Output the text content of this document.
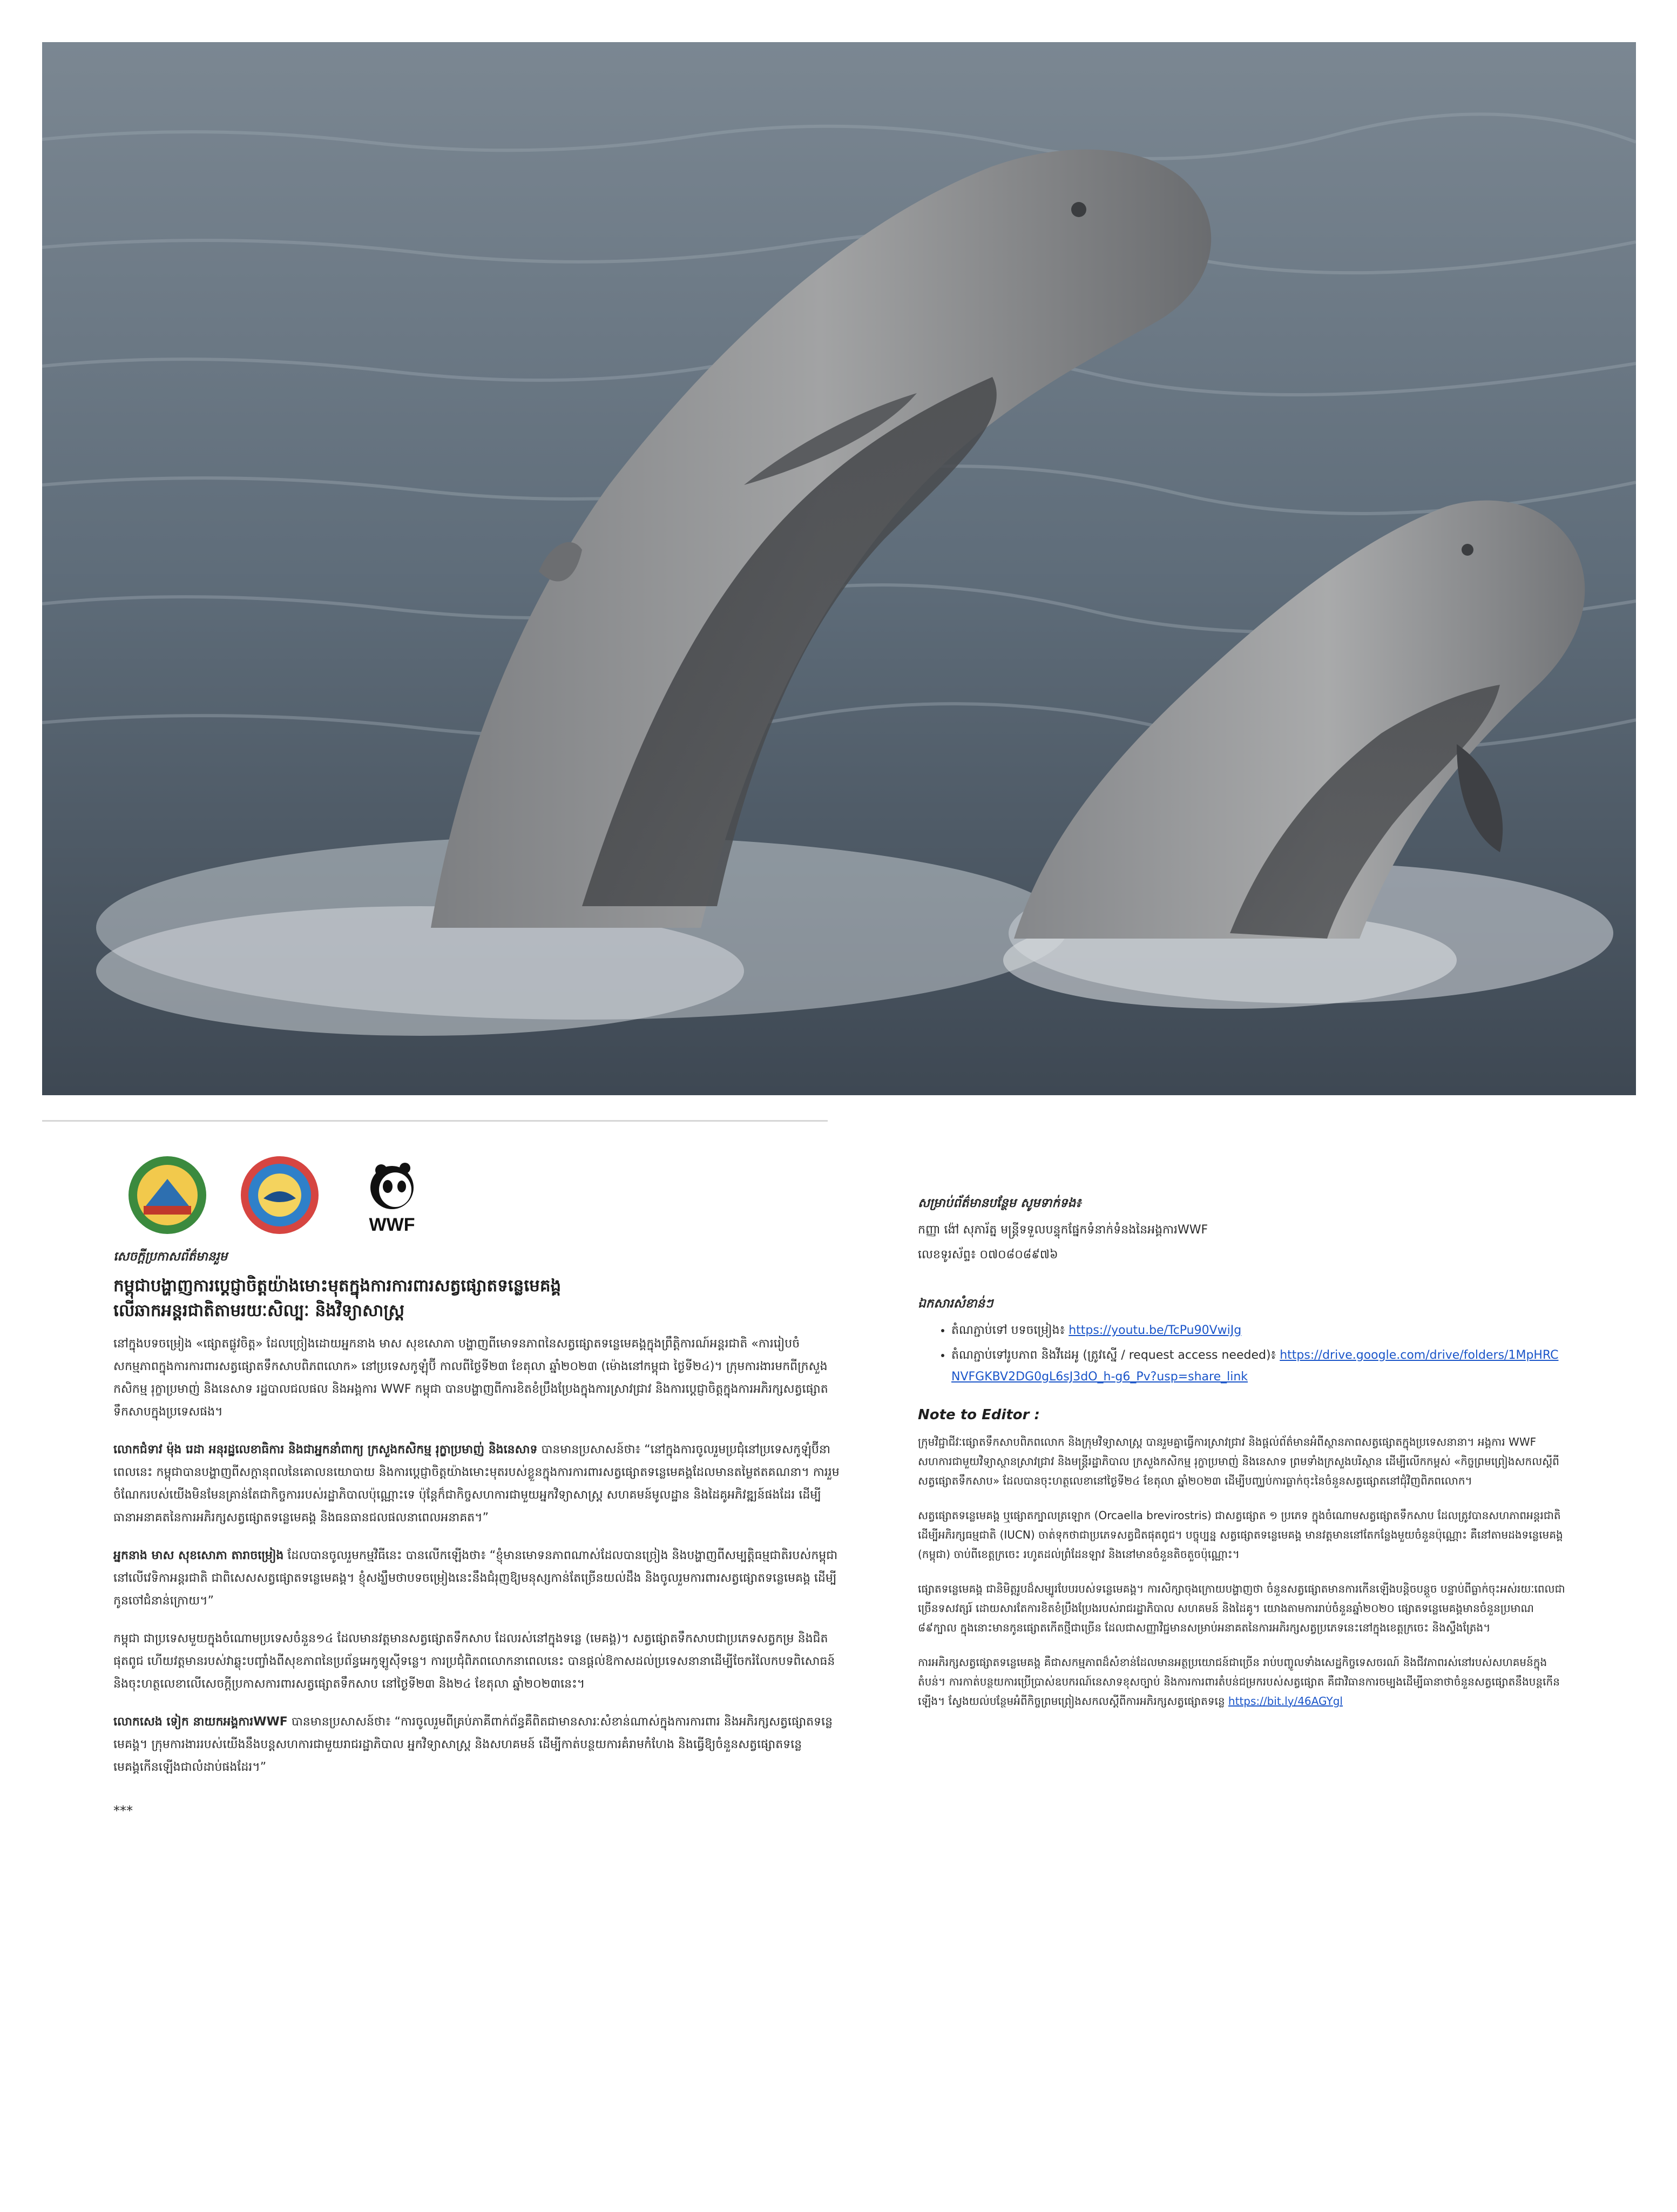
WWF
សេចក្តីប្រកាសព័ត៌មានរួម
កម្ពុជាបង្ហាញការប្តេជ្ញាចិត្តយ៉ាងមោះមុតក្នុងការការពារសត្វផ្សោតទន្លេមេគង្គ
លើឆាកអន្តរជាតិតាមរយៈសិល្បៈ និងវិទ្យាសាស្ត្រ

នៅក្នុងបទចម្រៀង «ផ្សោតផ្លូវចិត្ត» ដែលច្រៀងដោយអ្នកនាង មាស សុខសោភា បង្ហាញពីមោទនភាពនៃសត្វផ្សោតទន្លេមេគង្គក្នុងព្រឹត្តិការណ៍អន្តរជាតិ «ការរៀបចំសកម្មភាពក្នុងការការពារសត្វផ្សោតទឹកសាបពិភពលោក» នៅប្រទេសកូឡុំប៊ី កាលពីថ្ងៃទី២៣ ខែតុលា ឆ្នាំ២០២៣ (ម៉ោងនៅកម្ពុជា ថ្ងៃទី២៤)។ ក្រុមការងារមកពីក្រសួងកសិកម្ម រុក្ខាប្រមាញ់ និងនេសាទ រដ្ឋបាលជលផល និងអង្គការ WWF កម្ពុជា បានបង្ហាញពីការខិតខំប្រឹងប្រែងក្នុងការស្រាវជ្រាវ និងការប្តេជ្ញាចិត្តក្នុងការអភិរក្សសត្វផ្សោតទឹកសាបក្នុងប្រទេសផង។

លោកជំទាវ ម៉ុង រេដា អនុរដ្ឋលេខាធិការ និងជាអ្នកនាំពាក្យ ក្រសួងកសិកម្ម រុក្ខាប្រមាញ់ និងនេសាទ បានមានប្រសាសន៍ថា៖ “នៅក្នុងការចូលរួមប្រជុំនៅប្រទេសកូឡុំប៊ីនាពេលនេះ កម្ពុជាបានបង្ហាញពីសក្ដានុពលនៃគោលនយោបាយ និងការប្តេជ្ញាចិត្តយ៉ាងមោះមុតរបស់ខ្លួនក្នុងការការពារសត្វផ្សោតទន្លេមេគង្គដែលមានតម្លៃឥតគណនា។ ការរួមចំណែករបស់យើងមិនមែនគ្រាន់តែជាកិច្ចការរបស់រដ្ឋាភិបាលប៉ុណ្ណោះទេ ប៉ុន្តែក៏ជាកិច្ចសហការជាមួយអ្នកវិទ្យាសាស្ត្រ សហគមន៍មូលដ្ឋាន និងដៃគូអភិវឌ្ឍន៍ផងដែរ ដើម្បីធានាអនាគតនៃការអភិរក្សសត្វផ្សោតទន្លេមេគង្គ និងធនធានជលផលនាពេលអនាគត។”

អ្នកនាង មាស សុខសោភា តារាចម្រៀង ដែលបានចូលរួមកម្មវិធីនេះ បានលើកឡើងថា៖ “ខ្ញុំមានមោទនភាពណាស់ដែលបានច្រៀង និងបង្ហាញពីសម្បត្តិធម្មជាតិរបស់កម្ពុជានៅលើវេទិកាអន្តរជាតិ ជាពិសេសសត្វផ្សោតទន្លេមេគង្គ។ ខ្ញុំសង្ឃឹមថាបទចម្រៀងនេះនឹងជំរុញឱ្យមនុស្សកាន់តែច្រើនយល់ដឹង និងចូលរួមការពារសត្វផ្សោតទន្លេមេគង្គ ដើម្បីកូនចៅជំនាន់ក្រោយ។”

កម្ពុជា ជាប្រទេសមួយក្នុងចំណោមប្រទេសចំនួន១៤ ដែលមានវត្តមានសត្វផ្សោតទឹកសាប ដែលរស់នៅក្នុងទន្លេ (មេគង្គ)។ សត្វផ្សោតទឹកសាបជាប្រភេទសត្វកម្រ និងជិតផុតពូជ ហើយវត្តមានរបស់វាឆ្លុះបញ្ចាំងពីសុខភាពនៃប្រព័ន្ធអេកូឡូស៊ីទន្លេ។ ការប្រជុំពិភពលោកនាពេលនេះ បានផ្តល់ឱកាសដល់ប្រទេសនានាដើម្បីចែករំលែកបទពិសោធន៍ និងចុះហត្ថលេខាលើសេចក្តីប្រកាសការពារសត្វផ្សោតទឹកសាប នៅថ្ងៃទី២៣ និង២៤ ខែតុលា ឆ្នាំ២០២៣នេះ។

លោកសេង ទៀក នាយកអង្គការWWF បានមានប្រសាសន៍ថា៖ “ការចូលរួមពីគ្រប់ភាគីពាក់ព័ន្ធគឺពិតជាមានសារៈសំខាន់ណាស់ក្នុងការការពារ និងអភិរក្សសត្វផ្សោតទន្លេមេគង្គ។ ក្រុមការងាររបស់យើងនឹងបន្តសហការជាមួយរាជរដ្ឋាភិបាល អ្នកវិទ្យាសាស្ត្រ និងសហគមន៍ ដើម្បីកាត់បន្ថយការគំរាមកំហែង និងធ្វើឱ្យចំនួនសត្វផ្សោតទន្លេមេគង្គកើនឡើងជាលំដាប់ផងដែរ។”

***
សម្រាប់ព័ត៌មានបន្ថែម សូមទាក់ទង៖
កញ្ញា ង៉ៅ សុភារ័ត្ន មន្ត្រីទទួលបន្ទុកផ្នែកទំនាក់ទំនងនៃអង្គការWWF
លេខទូរស័ព្ទ៖ ០៧០៨០៨៩៧៦
ឯកសារសំខាន់ៗ
• តំណភ្ជាប់ទៅ បទចម្រៀង៖ https://youtu.be/TcPu90VwiJg
• តំណភ្ជាប់ទៅរូបភាព និងវីដេអូ (ត្រូវស្នើ / request access needed)៖ https://drive.google.com/drive/folders/1MpHRCNVFGKBV2DG0gL6sJ3dO_h-g6_Pv?usp=share_link
Note to Editor :

ក្រុមវិជ្ជាជីវៈផ្សោតទឹកសាបពិភពលោក និងក្រុមវិទ្យាសាស្ត្រ បានរួមគ្នាធ្វើការស្រាវជ្រាវ និងផ្តល់ព័ត៌មានអំពីស្ថានភាពសត្វផ្សោតក្នុងប្រទេសនានា។ អង្គការ WWF សហការជាមួយវិទ្យាស្ថានស្រាវជ្រាវ និងមន្ត្រីរដ្ឋាភិបាល ក្រសួងកសិកម្ម រុក្ខាប្រមាញ់ និងនេសាទ ព្រមទាំងក្រសួងបរិស្ថាន ដើម្បីលើកកម្ពស់ «កិច្ចព្រមព្រៀងសកលស្តីពីសត្វផ្សោតទឹកសាប» ដែលបានចុះហត្ថលេខានៅថ្ងៃទី២៤ ខែតុលា ឆ្នាំ២០២៣ ដើម្បីបញ្ឈប់ការធ្លាក់ចុះនៃចំនួនសត្វផ្សោតនៅជុំវិញពិភពលោក។

សត្វផ្សោតទន្លេមេគង្គ ឬផ្សោតក្បាលត្រឡោក (Orcaella brevirostris) ជាសត្វផ្សោត ១ ប្រភេទ ក្នុងចំណោមសត្វផ្សោតទឹកសាប ដែលត្រូវបានសហភាពអន្តរជាតិដើម្បីអភិរក្សធម្មជាតិ (IUCN) ចាត់ទុកថាជាប្រភេទសត្វជិតផុតពូជ។ បច្ចុប្បន្ន សត្វផ្សោតទន្លេមេគង្គ មានវត្តមាននៅតែកន្លែងមួយចំនួនប៉ុណ្ណោះ គឺនៅតាមដងទន្លេមេគង្គ (កម្ពុជា) ចាប់ពីខេត្តក្រចេះ រហូតដល់ព្រំដែនឡាវ និងនៅមានចំនួនតិចតួចប៉ុណ្ណោះ។

ផ្សោតទន្លេមេគង្គ ជានិមិត្តរូបដ៏សម្បូរបែបរបស់ទន្លេមេគង្គ។ ការសិក្សាចុងក្រោយបង្ហាញថា ចំនួនសត្វផ្សោតមានការកើនឡើងបន្តិចបន្តួច បន្ទាប់ពីធ្លាក់ចុះអស់រយៈពេលជាច្រើនទសវត្សរ៍ ដោយសារតែការខិតខំប្រឹងប្រែងរបស់រាជរដ្ឋាភិបាល សហគមន៍ និងដៃគូ។ យោងតាមការរាប់ចំនួនឆ្នាំ២០២០ ផ្សោតទន្លេមេគង្គមានចំនួនប្រមាណ ៨៩ក្បាល ក្នុងនោះមានកូនផ្សោតកើតថ្មីជាច្រើន ដែលជាសញ្ញាវិជ្ជមានសម្រាប់អនាគតនៃការអភិរក្សសត្វប្រភេទនេះនៅក្នុងខេត្តក្រចេះ និងស្ទឹងត្រែង។

ការអភិរក្សសត្វផ្សោតទន្លេមេគង្គ គឺជាសកម្មភាពដ៏សំខាន់ដែលមានអត្ថប្រយោជន៍ជាច្រើន រាប់បញ្ចូលទាំងសេដ្ឋកិច្ចទេសចរណ៍ និងជីវភាពរស់នៅរបស់សហគមន៍ក្នុងតំបន់។ ការកាត់បន្ថយការប្រើប្រាស់ឧបករណ៍នេសាទខុសច្បាប់ និងការការពារតំបន់ជម្រករបស់សត្វផ្សោត គឺជាវិធានការចម្បងដើម្បីធានាថាចំនួនសត្វផ្សោតនឹងបន្តកើនឡើង។ ស្វែងយល់បន្ថែមអំពីកិច្ចព្រមព្រៀងសកលស្តីពីការអភិរក្សសត្វផ្សោតទន្លេ https://bit.ly/46AGYgl
